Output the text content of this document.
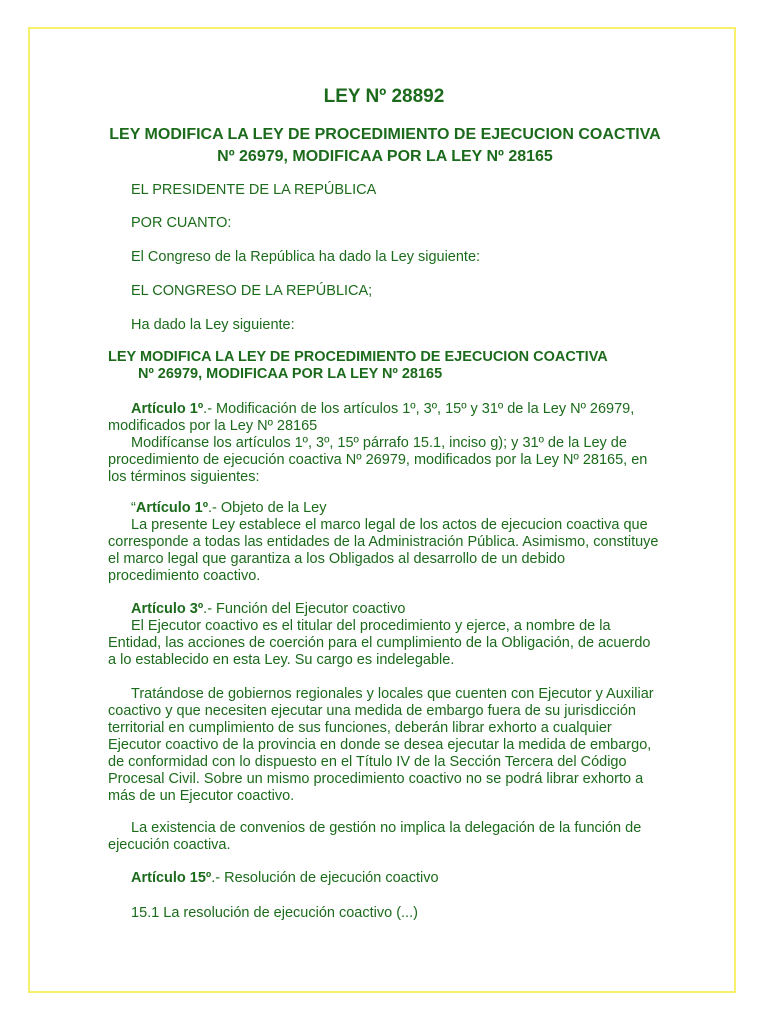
LEY Nº 28892
LEY MODIFICA LA LEY DE PROCEDIMIENTO DE EJECUCION COACTIVA Nº 26979, MODIFICAA POR LA LEY Nº 28165
EL PRESIDENTE DE LA REPÚBLICA
POR CUANTO:
El Congreso de la República ha dado la Ley siguiente:
EL CONGRESO DE LA REPÚBLICA;
Ha dado la Ley siguiente:
LEY MODIFICA LA LEY DE PROCEDIMIENTO DE EJECUCION COACTIVA
Nº 26979, MODIFICAA POR LA LEY Nº 28165

Artículo 1º.- Modificación de los artículos 1º, 3º, 15º y 31º de la Ley Nº 26979, modificados por la Ley Nº 28165

Modifícanse los artículos 1º, 3º, 15º párrafo 15.1, inciso g); y 31º de la Ley de procedimiento de ejecución coactiva Nº 26979, modificados por la Ley Nº 28165, en los términos siguientes:

“Artículo 1º.- Objeto de la Ley

La presente Ley establece el marco legal de los actos de ejecucion coactiva que corresponde a todas las entidades de la Administración Pública. Asimismo, constituye el marco legal que garantiza a los Obligados al desarrollo de un debido procedimiento coactivo.

Artículo 3º.- Función del Ejecutor coactivo

El Ejecutor coactivo es el titular del procedimiento y ejerce, a nombre de la Entidad, las acciones de coerción para el cumplimiento de la Obligación, de acuerdo a lo establecido en esta Ley. Su cargo es indelegable.

Tratándose de gobiernos regionales y locales que cuenten con Ejecutor y Auxiliar coactivo y que necesiten ejecutar una medida de embargo fuera de su jurisdicción territorial en cumplimiento de sus funciones, deberán librar exhorto a cualquier Ejecutor coactivo de la provincia en donde se desea ejecutar la medida de embargo, de conformidad con lo dispuesto en el Título IV de la Sección Tercera del Código Procesal Civil. Sobre un mismo procedimiento coactivo no se podrá librar exhorto a más de un Ejecutor coactivo.

La existencia de convenios de gestión no implica la delegación de la función de ejecución coactiva.

Artículo 15º.- Resolución de ejecución coactivo

15.1 La resolución de ejecución coactivo (...)
